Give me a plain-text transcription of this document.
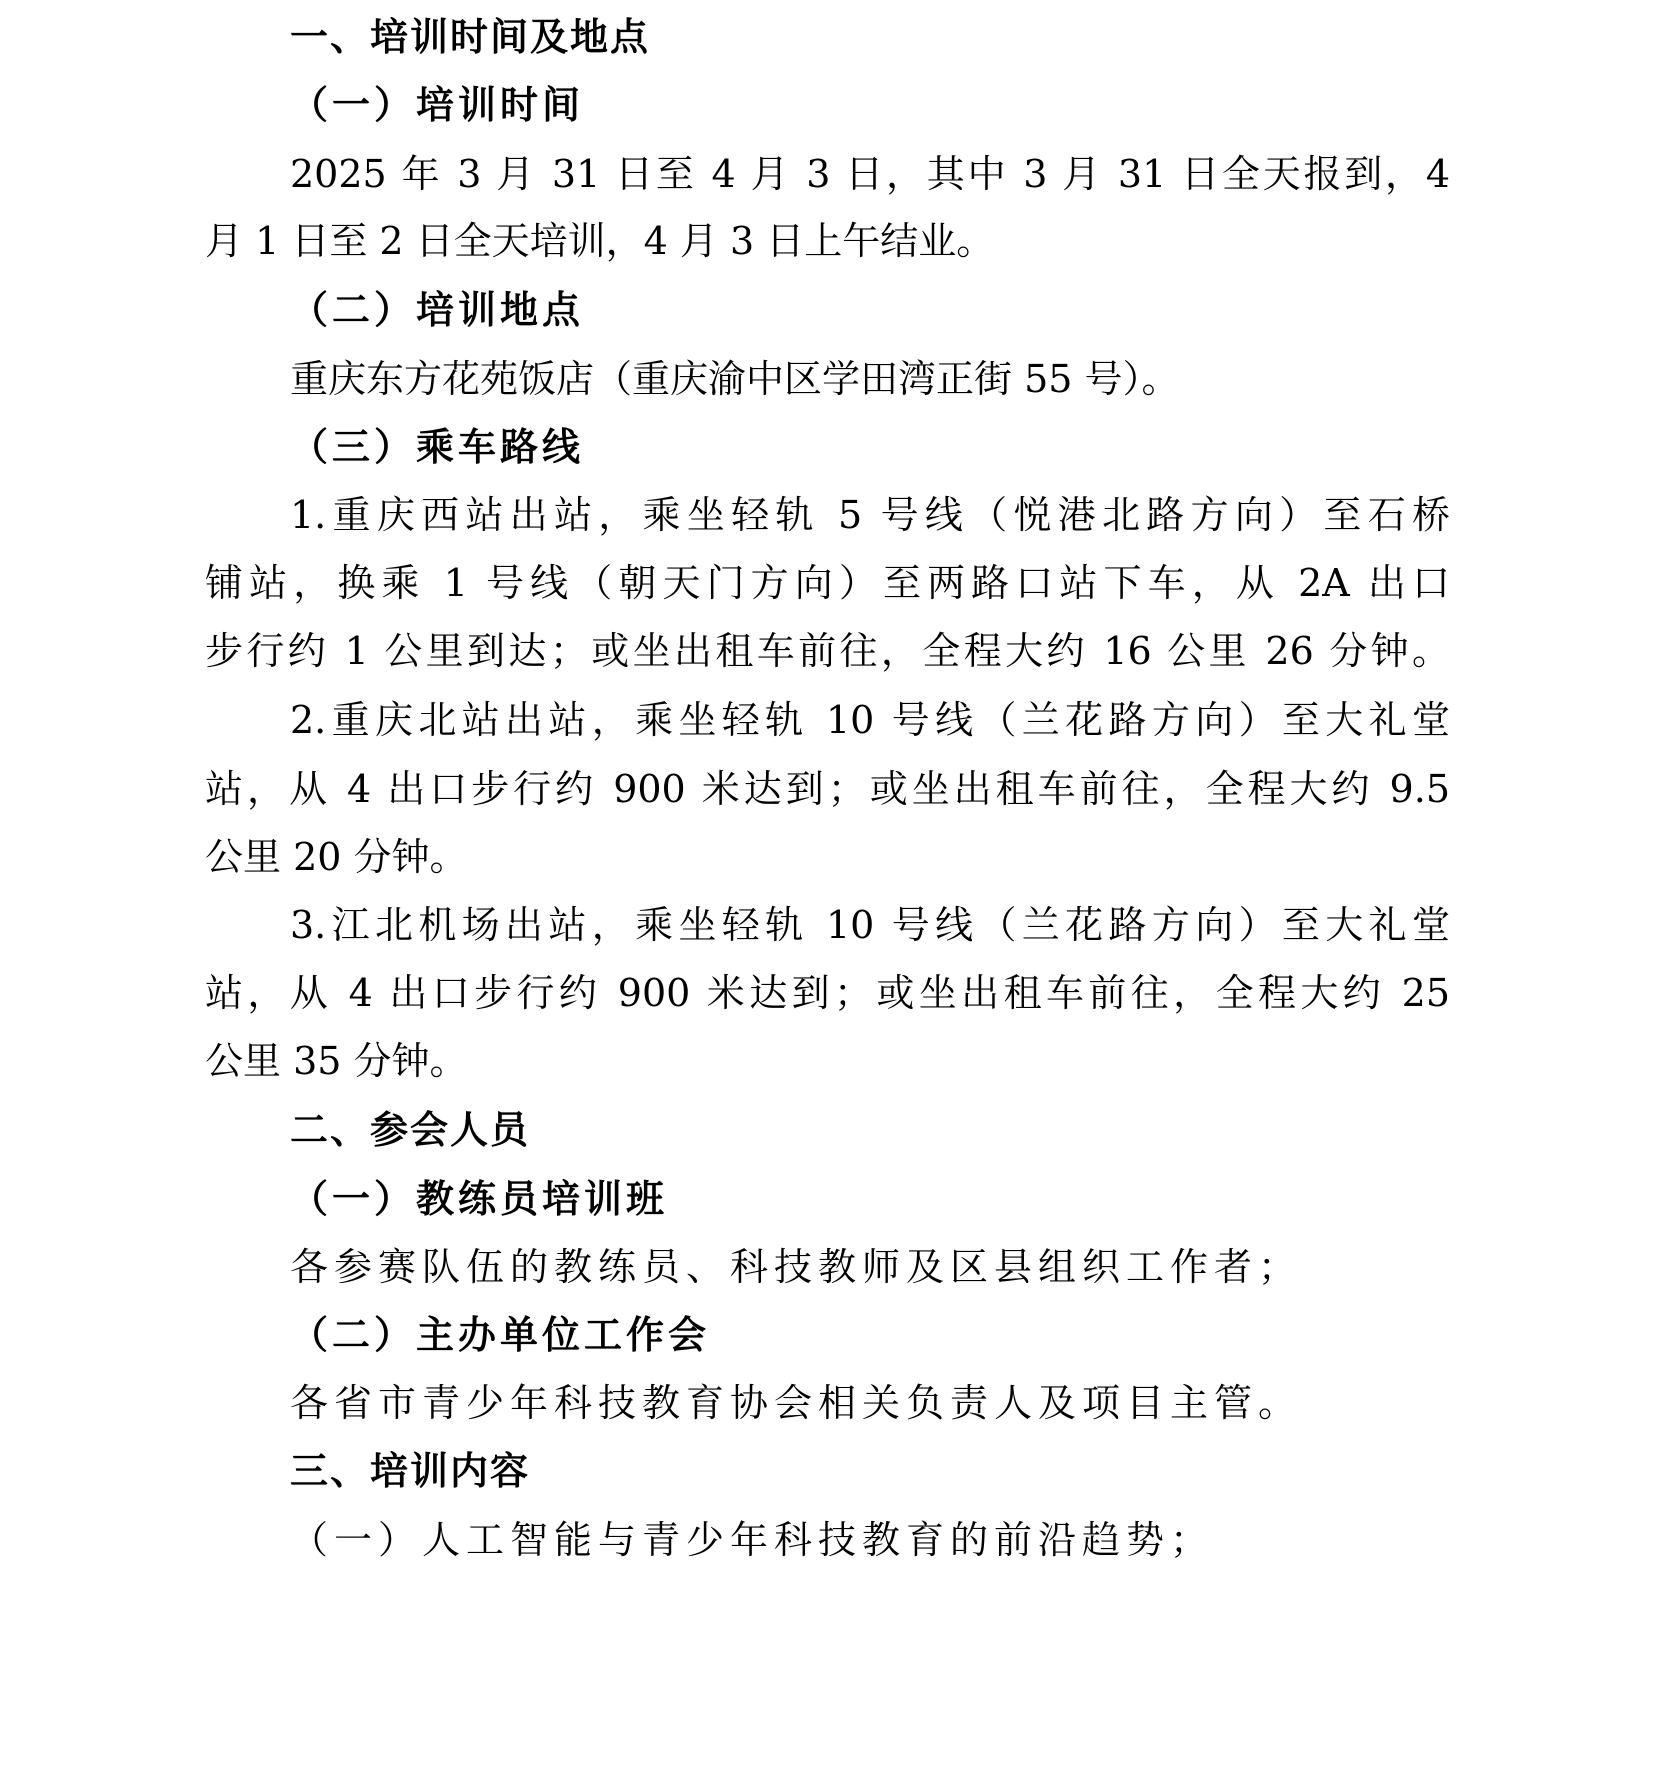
一、培训时间及地点
（一）培训时间
2025 年 3 月 31 日至 4 月 3 日，其中 3 月 31 日全天报到，4
月 1 日至 2 日全天培训，4 月 3 日上午结业。
（二）培训地点
重庆东方花苑饭店（重庆渝中区学田湾正街 55 号）。
（三）乘车路线
1.重庆西站出站，乘坐轻轨 5 号线（悦港北路方向）至石桥
铺站，换乘 1 号线（朝天门方向）至两路口站下车，从 2A 出口
步行约 1 公里到达；或坐出租车前往，全程大约 16 公里 26 分钟。
2.重庆北站出站，乘坐轻轨 10 号线（兰花路方向）至大礼堂
站，从 4 出口步行约 900 米达到；或坐出租车前往，全程大约 9.5
公里 20 分钟。
3.江北机场出站，乘坐轻轨 10 号线（兰花路方向）至大礼堂
站，从 4 出口步行约 900 米达到；或坐出租车前往，全程大约 25
公里 35 分钟。
二、参会人员
（一）教练员培训班
各参赛队伍的教练员、科技教师及区县组织工作者；
（二）主办单位工作会
各省市青少年科技教育协会相关负责人及项目主管。
三、培训内容
（一）人工智能与青少年科技教育的前沿趋势；
